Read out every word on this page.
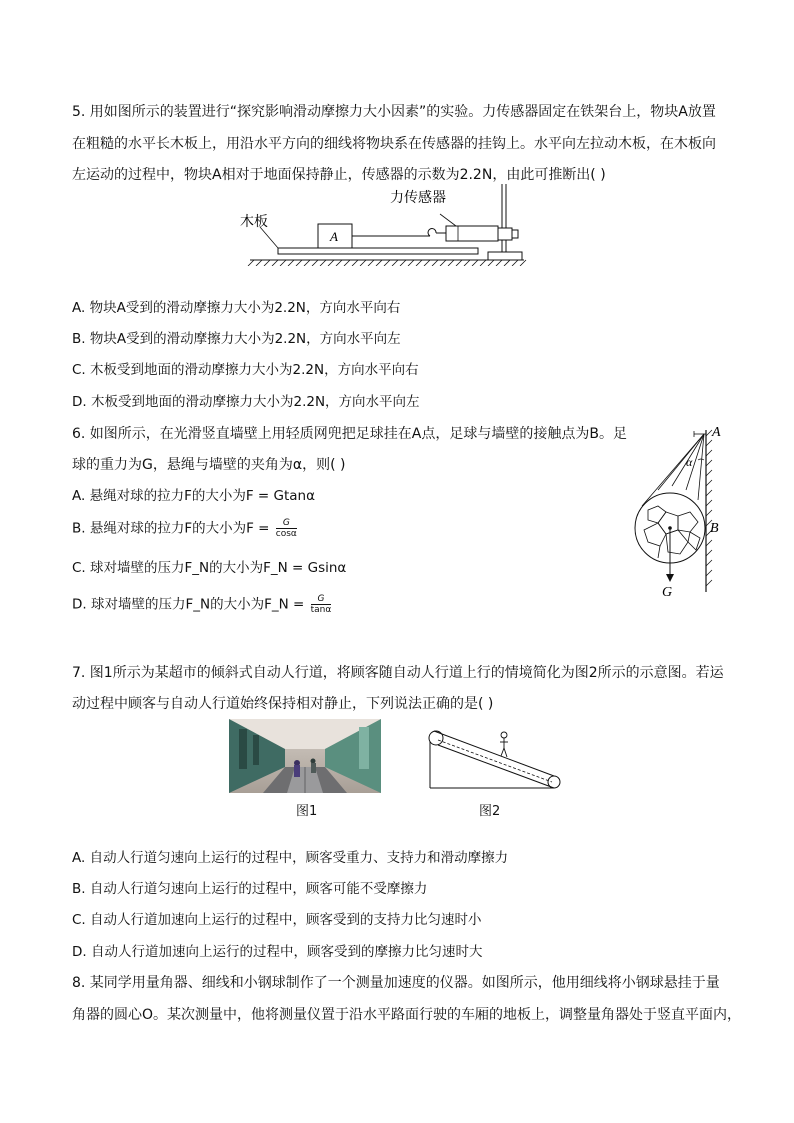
5. 用如图所示的装置进行“探究影响滑动摩擦力大小因素”的实验。力传感器固定在铁架台上，物块A放置
在粗糙的水平长木板上，用沿水平方向的细线将物块系在传感器的挂钩上。水平向左拉动木板，在木板向
左运动的过程中，物块A相对于地面保持静止，传感器的示数为2.2N，由此可推断出( )
木板
A
力传感器
A. 物块A受到的滑动摩擦力大小为2.2N，方向水平向右
B. 物块A受到的滑动摩擦力大小为2.2N，方向水平向左
C. 木板受到地面的滑动摩擦力大小为2.2N，方向水平向右
D. 木板受到地面的滑动摩擦力大小为2.2N，方向水平向左
6. 如图所示，在光滑竖直墙壁上用轻质网兜把足球挂在A点，足球与墙壁的接触点为B。足
球的重力为G，悬绳与墙壁的夹角为α，则( )
A. 悬绳对球的拉力F的大小为F = Gtanα
B. 悬绳对球的拉力F的大小为$F = \frac{G}{\cos\alpha}$
C. 球对墙壁的压力F_N的大小为F_N = Gsinα
D. 球对墙壁的压力F_N的大小为F_N = $\frac{G}{\tan\alpha}$
A
α
B
G
7. 图1所示为某超市的倾斜式自动人行道，将顾客随自动人行道上行的情境简化为图2所示的示意图。若运
动过程中顾客与自动人行道始终保持相对静止，下列说法正确的是( )
图1	图2
A. 自动人行道匀速向上运行的过程中，顾客受重力、支持力和滑动摩擦力
B. 自动人行道匀速向上运行的过程中，顾客可能不受摩擦力
C. 自动人行道加速向上运行的过程中，顾客受到的支持力比匀速时小
D. 自动人行道加速向上运行的过程中，顾客受到的摩擦力比匀速时大
8. 某同学用量角器、细线和小钢球制作了一个测量加速度的仪器。如图所示，他用细线将小钢球悬挂于量
角器的圆心O。某次测量中，他将测量仪置于沿水平路面行驶的车厢的地板上，调整量角器处于竖直平面内，
